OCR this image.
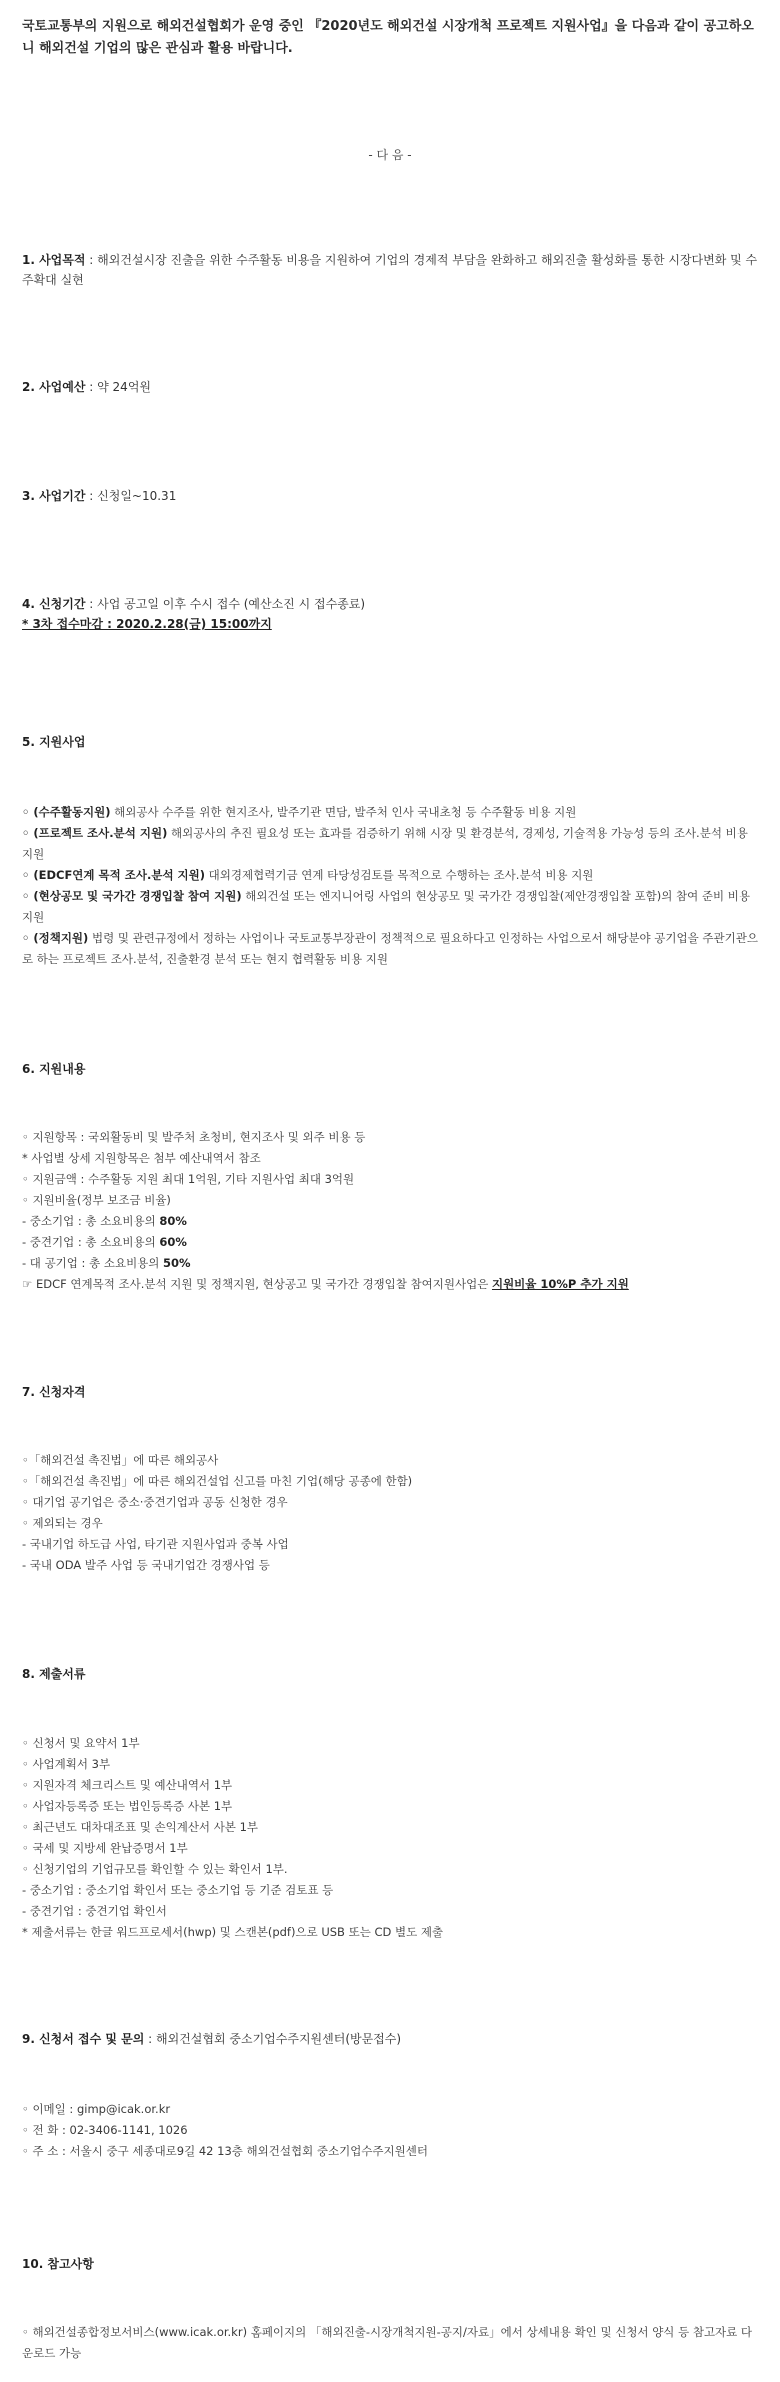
국토교통부의 지원으로 해외건설협회가 운영 중인 『2020년도 해외건설 시장개척 프로젝트 지원사업』을 다음과 같이 공고하오니 해외건설 기업의 많은 관심과 활용 바랍니다.
- 다 음 -
1. 사업목적 : 해외건설시장 진출을 위한 수주활동 비용을 지원하여 기업의 경제적 부담을 완화하고 해외진출 활성화를 통한 시장다변화 및 수주확대 실현
2. 사업예산 : 약 24억원
3. 사업기간 : 신청일~10.31
4. 신청기간 : 사업 공고일 이후 수시 접수 (예산소진 시 접수종료)
* 3차 접수마감 : 2020.2.28(금) 15:00까지
5. 지원사업
◦ (수주활동지원) 해외공사 수주를 위한 현지조사, 발주기관 면담, 발주처 인사 국내초청 등 수주활동 비용 지원
◦ (프로젝트 조사.분석 지원) 해외공사의 추진 필요성 또는 효과를 검증하기 위해 시장 및 환경분석, 경제성, 기술적용 가능성 등의 조사.분석 비용 지원
◦ (EDCF연계 목적 조사.분석 지원) 대외경제협력기금 연계 타당성검토를 목적으로 수행하는 조사.분석 비용 지원
◦ (현상공모 및 국가간 경쟁입찰 참여 지원) 해외건설 또는 엔지니어링 사업의 현상공모 및 국가간 경쟁입찰(제안경쟁입찰 포함)의 참여 준비 비용 지원
◦ (정책지원) 법령 및 관련규정에서 정하는 사업이나 국토교통부장관이 정책적으로 필요하다고 인정하는 사업으로서 해당분야 공기업을 주관기관으로 하는 프로젝트 조사.분석, 진출환경 분석 또는 현지 협력활동 비용 지원
6. 지원내용
◦ 지원항목 : 국외활동비 및 발주처 초청비, 현지조사 및 외주 비용 등
* 사업별 상세 지원항목은 첨부 예산내역서 참조
◦ 지원금액 : 수주활동 지원 최대 1억원, 기타 지원사업 최대 3억원
◦ 지원비율(정부 보조금 비율)
- 중소기업 : 총 소요비용의 80%
- 중견기업 : 총 소요비용의 60%
- 대 공기업 : 총 소요비용의 50%
☞ EDCF 연계목적 조사.분석 지원 및 정책지원, 현상공고 및 국가간 경쟁입찰 참여지원사업은 지원비율 10%P 추가 지원
7. 신청자격
◦「해외건설 촉진법」에 따른 해외공사
◦「해외건설 촉진법」에 따른 해외건설업 신고를 마친 기업(해당 공종에 한함)
◦ 대기업 공기업은 중소·중견기업과 공동 신청한 경우
◦ 제외되는 경우
- 국내기업 하도급 사업, 타기관 지원사업과 중복 사업
- 국내 ODA 발주 사업 등 국내기업간 경쟁사업 등
8. 제출서류
◦ 신청서 및 요약서 1부
◦ 사업계획서 3부
◦ 지원자격 체크리스트 및 예산내역서 1부
◦ 사업자등록증 또는 법인등록증 사본 1부
◦ 최근년도 대차대조표 및 손익계산서 사본 1부
◦ 국세 및 지방세 완납증명서 1부
◦ 신청기업의 기업규모를 확인할 수 있는 확인서 1부.
- 중소기업 : 중소기업 확인서 또는 중소기업 등 기준 검토표 등
- 중견기업 : 중견기업 확인서
* 제출서류는 한글 워드프로세서(hwp) 및 스캔본(pdf)으로 USB 또는 CD 별도 제출
9. 신청서 접수 및 문의 : 해외건설협회 중소기업수주지원센터(방문접수)
◦ 이메일 : gimp@icak.or.kr
◦ 전 화 : 02-3406-1141, 1026
◦ 주 소 : 서울시 중구 세종대로9길 42 13층 해외건설협회 중소기업수주지원센터
10. 참고사항
◦ 해외건설종합정보서비스(www.icak.or.kr) 홈페이지의 「해외진출-시장개척지원-공지/자료」에서 상세내용 확인 및 신청서 양식 등 참고자료 다운로드 가능
